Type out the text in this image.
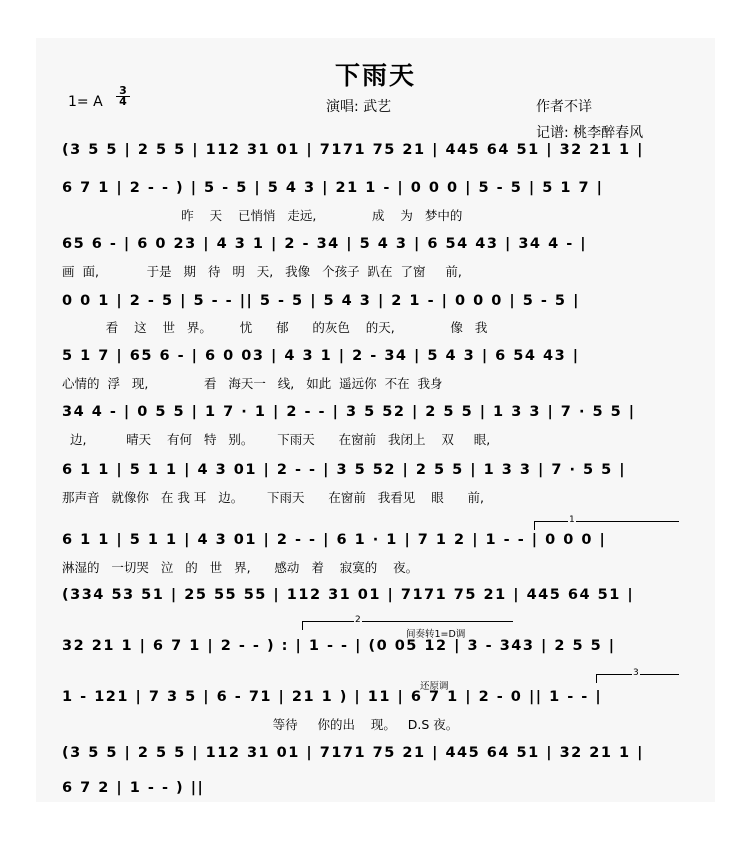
下雨天
1= A
3
4	演唱: 武艺	作者不详
记谱: 桃李醉春风
(3 5 5 | 2 5 5 | 112 31 01 | 7171 75 21 | 445 64 51 | 32 21 1 |
6 7 1 | 2 - - ) | 5 - 5 | 5 4 3 | 21 1 - | 0 0 0 | 5 - 5 | 5 1 7 |
昨    天    已悄悄   走远,              成    为   梦中的
65 6 - | 6 0 23 | 4 3 1 | 2 - 34 | 5 4 3 | 6 54 43 | 34 4 - |
画  面,            于是   期   待   明   天,   我像   个孩子  趴在  了窗     前,
0 0 1 | 2 - 5 | 5 - - || 5 - 5 | 5 4 3 | 2 1 - | 0 0 0 | 5 - 5 |
看    这    世   界。       忧      郁      的灰色    的天,              像   我
5 1 7 | 65 6 - | 6 0 03 | 4 3 1 | 2 - 34 | 5 4 3 | 6 54 43 |
心情的  浮   现,              看   海天一   线,   如此  遥远你  不在  我身
34 4 - | 0 5 5 | 1 7 · 1 | 2 - - | 3 5 52 | 2 5 5 | 1 3 3 | 7 · 5 5 |
边,          晴天    有何   特   别。      下雨天      在窗前   我闭上    双     眼,
6 1 1 | 5 1 1 | 4 3 01 | 2 - - | 3 5 52 | 2 5 5 | 1 3 3 | 7 · 5 5 |
那声音   就像你   在 我 耳   边。      下雨天      在窗前   我看见    眼      前,
1
6 1 1 | 5 1 1 | 4 3 01 | 2 - - | 6 1 · 1 | 7 1 2 | 1 - - | 0 0 0 |
淋湿的   一切哭   泣   的   世   界,      感动   着    寂寞的    夜。
(334 53 51 | 25 55 55 | 112 31 01 | 7171 75 21 | 445 64 51 |
2
间奏转1=D调
32 21 1 | 6 7 1 | 2 - - ) : | 1 - - | (0 05 12 | 3 - 343 | 2 5 5 |
3
还原调
1 - 121 | 7 3 5 | 6 - 71 | 21 1 ) | 11 | 6 7 1 | 2 - 0 || 1 - - |
等待     你的出    现。   D.S 夜。
(3 5 5 | 2 5 5 | 112 31 01 | 7171 75 21 | 445 64 51 | 32 21 1 |
6 7 2 | 1 - - ) ||
